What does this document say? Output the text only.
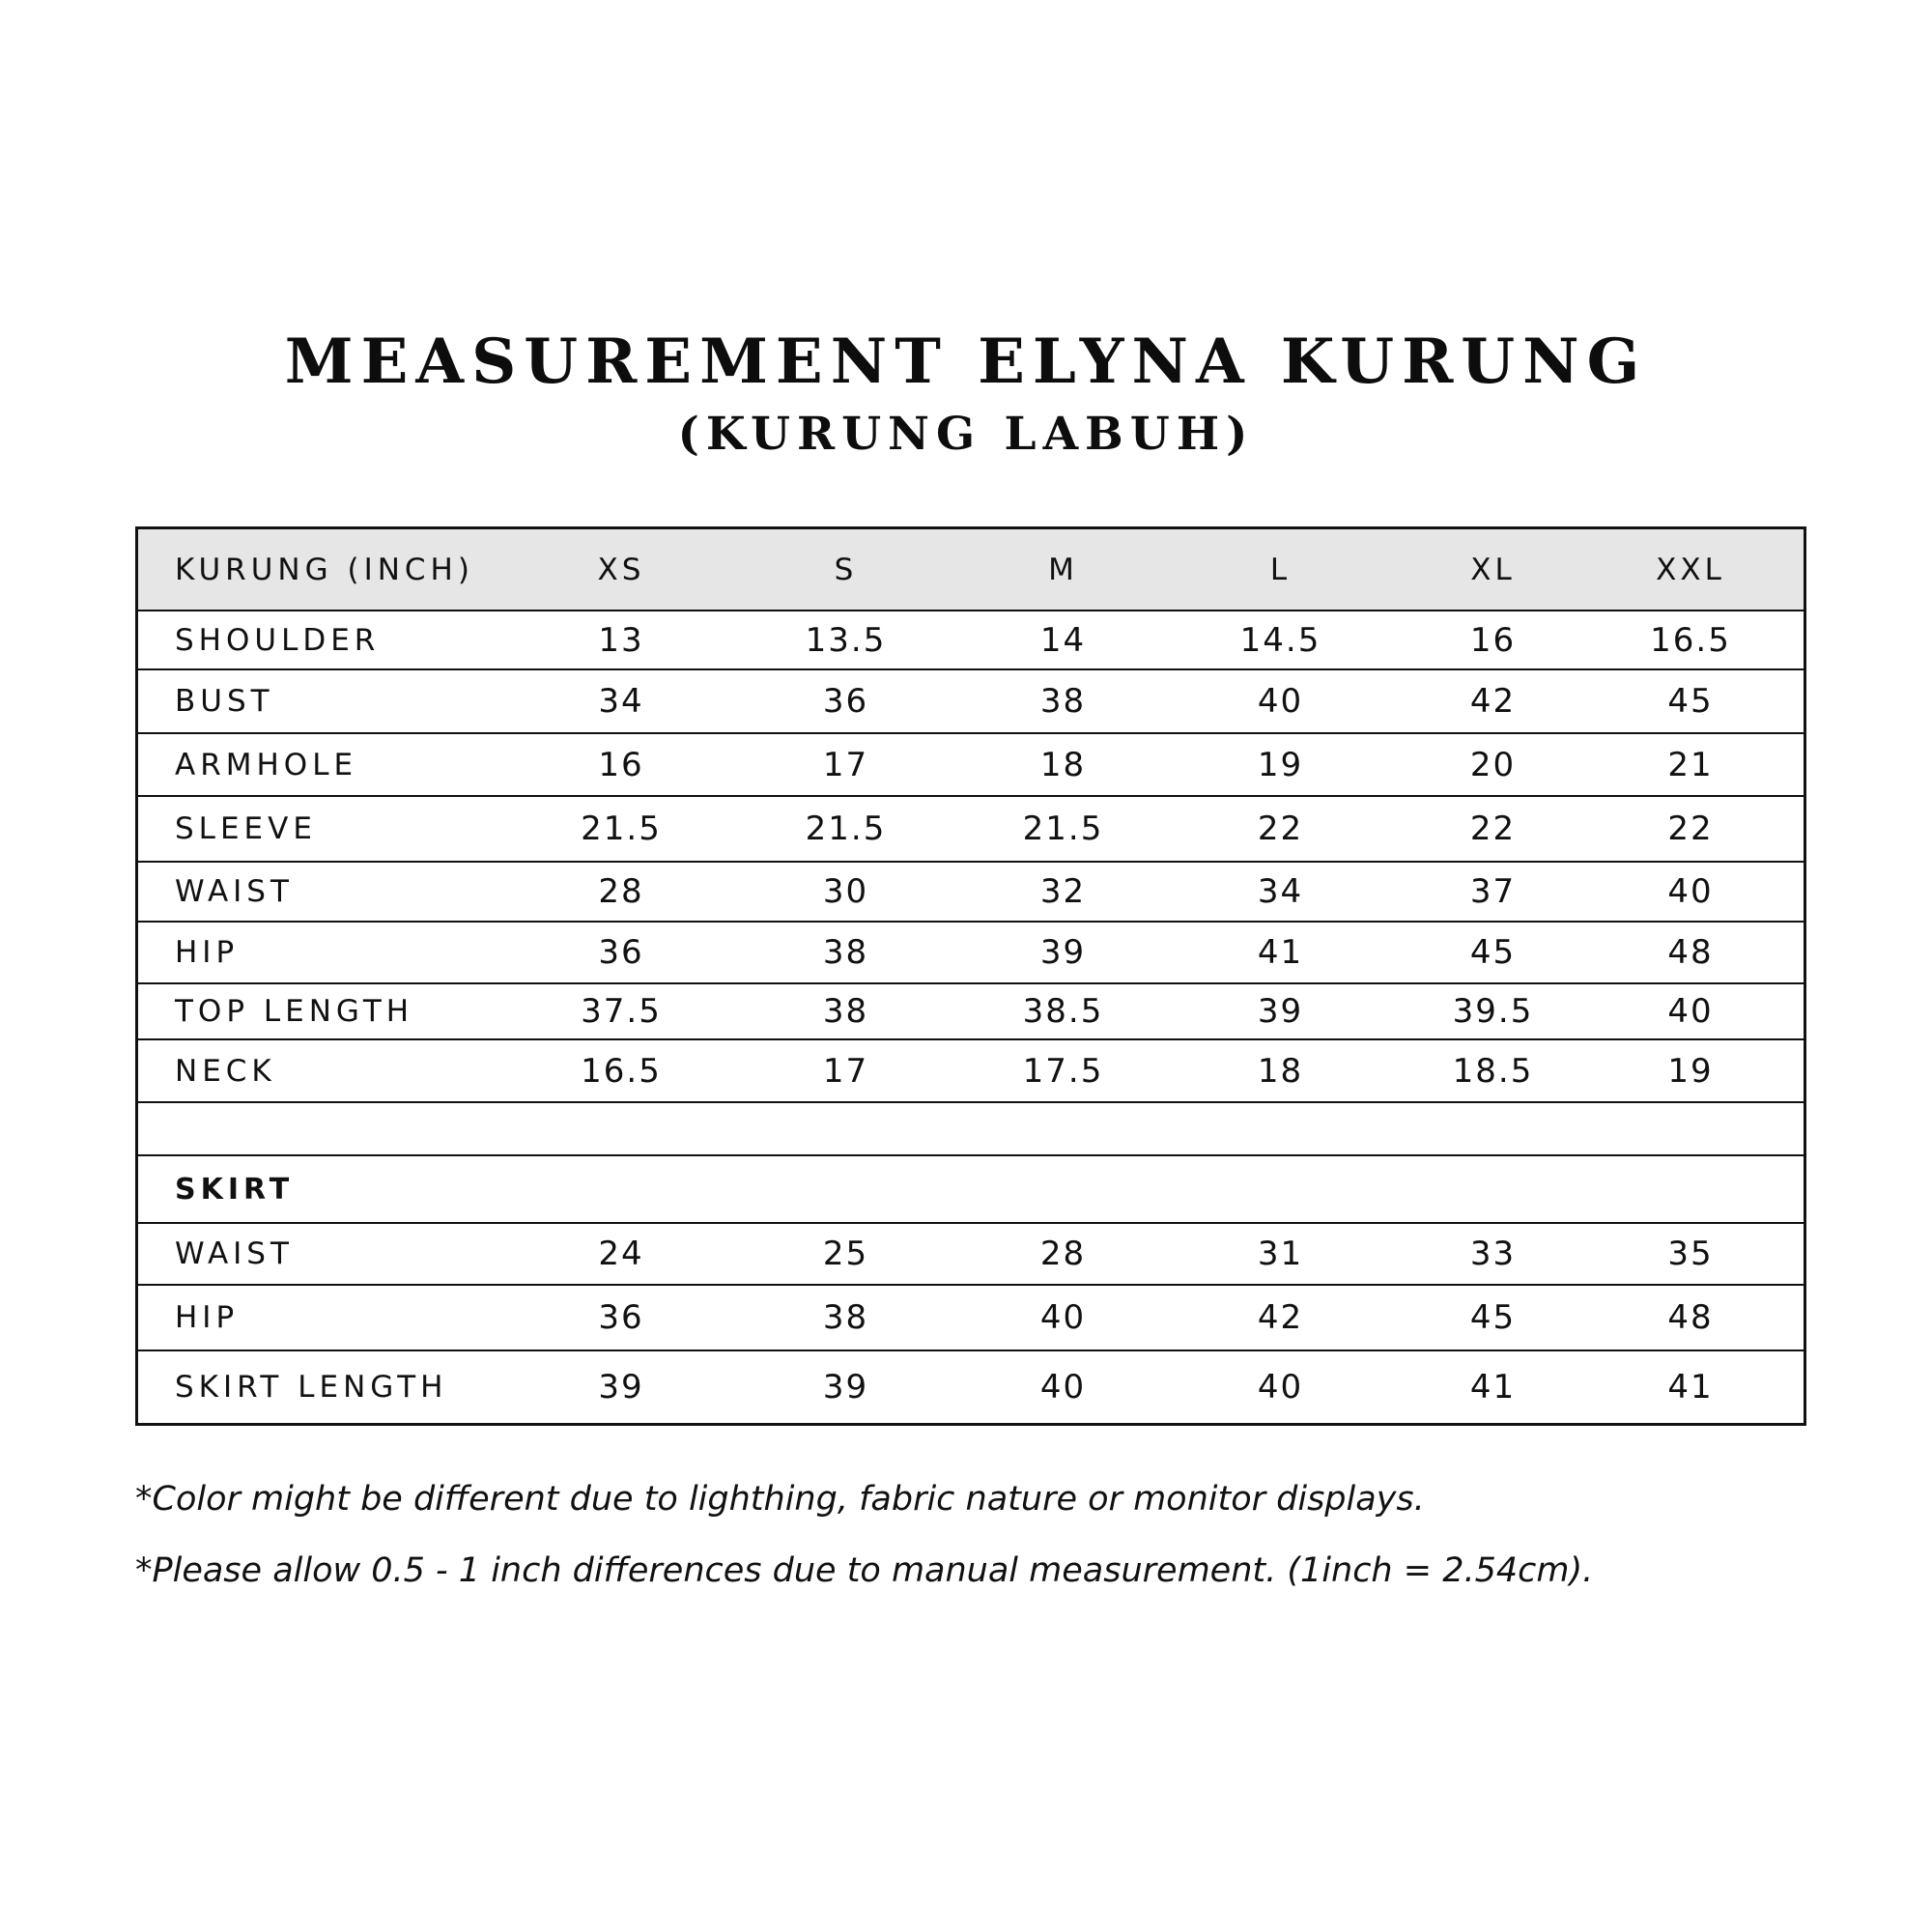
MEASUREMENT ELYNA KURUNG
(KURUNG LABUH)
KURUNG (INCH)	XS	S	M	L	XL	XXL
SHOULDER	13	13.5	14	14.5	16	16.5
BUST	34	36	38	40	42	45
ARMHOLE	16	17	18	19	20	21
SLEEVE	21.5	21.5	21.5	22	22	22
WAIST	28	30	32	34	37	40
HIP	36	38	39	41	45	48
TOP LENGTH	37.5	38	38.5	39	39.5	40
NECK	16.5	17	17.5	18	18.5	19
SKIRT
WAIST	24	25	28	31	33	35
HIP	36	38	40	42	45	48
SKIRT LENGTH	39	39	40	40	41	41

*Color might be different due to lighthing, fabric nature or monitor displays.

*Please allow 0.5 - 1 inch differences due to manual measurement. (1inch = 2.54cm).
